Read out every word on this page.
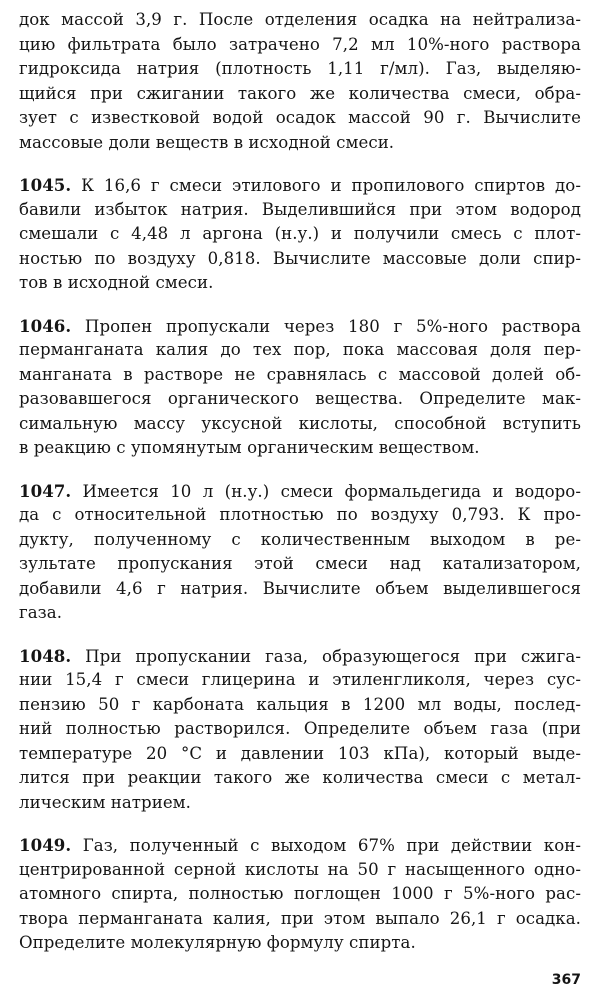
док массой 3,9 г. После отделения осадка на нейтрализа-
цию фильтрата было затрачено 7,2 мл 10%-ного раствора
гидроксида натрия (плотность 1,11 г/мл). Газ, выделяю-
щийся при сжигании такого же количества смеси, обра-
зует с известковой водой осадок массой 90 г. Вычислите
массовые доли веществ в исходной смеси.
1045. К 16,6 г смеси этилового и пропилового спиртов до-
бавили избыток натрия. Выделившийся при этом водород
смешали с 4,48 л аргона (н.у.) и получили смесь с плот-
ностью по воздуху 0,818. Вычислите массовые доли спир-
тов в исходной смеси.
1046. Пропен пропускали через 180 г 5%-ного раствора
перманганата калия до тех пор, пока массовая доля пер-
манганата в растворе не сравнялась с массовой долей об-
разовавшегося органического вещества. Определите мак-
симальную массу уксусной кислоты, способной вступить
в реакцию с упомянутым органическим веществом.
1047. Имеется 10 л (н.у.) смеси формальдегида и водоро-
да с относительной плотностью по воздуху 0,793. К про-
дукту, полученному с количественным выходом в ре-
зультате пропускания этой смеси над катализатором,
добавили 4,6 г натрия. Вычислите объем выделившегося
газа.
1048. При пропускании газа, образующегося при сжига-
нии 15,4 г смеси глицерина и этиленгликоля, через сус-
пензию 50 г карбоната кальция в 1200 мл воды, послед-
ний полностью растворился. Определите объем газа (при
температуре 20 °С и давлении 103 кПа), который выде-
лится при реакции такого же количества смеси с метал-
лическим натрием.
1049. Газ, полученный с выходом 67% при действии кон-
центрированной серной кислоты на 50 г насыщенного одно-
атомного спирта, полностью поглощен 1000 г 5%-ного рас-
твора перманганата калия, при этом выпало 26,1 г осадка.
Определите молекулярную формулу спирта.
367
